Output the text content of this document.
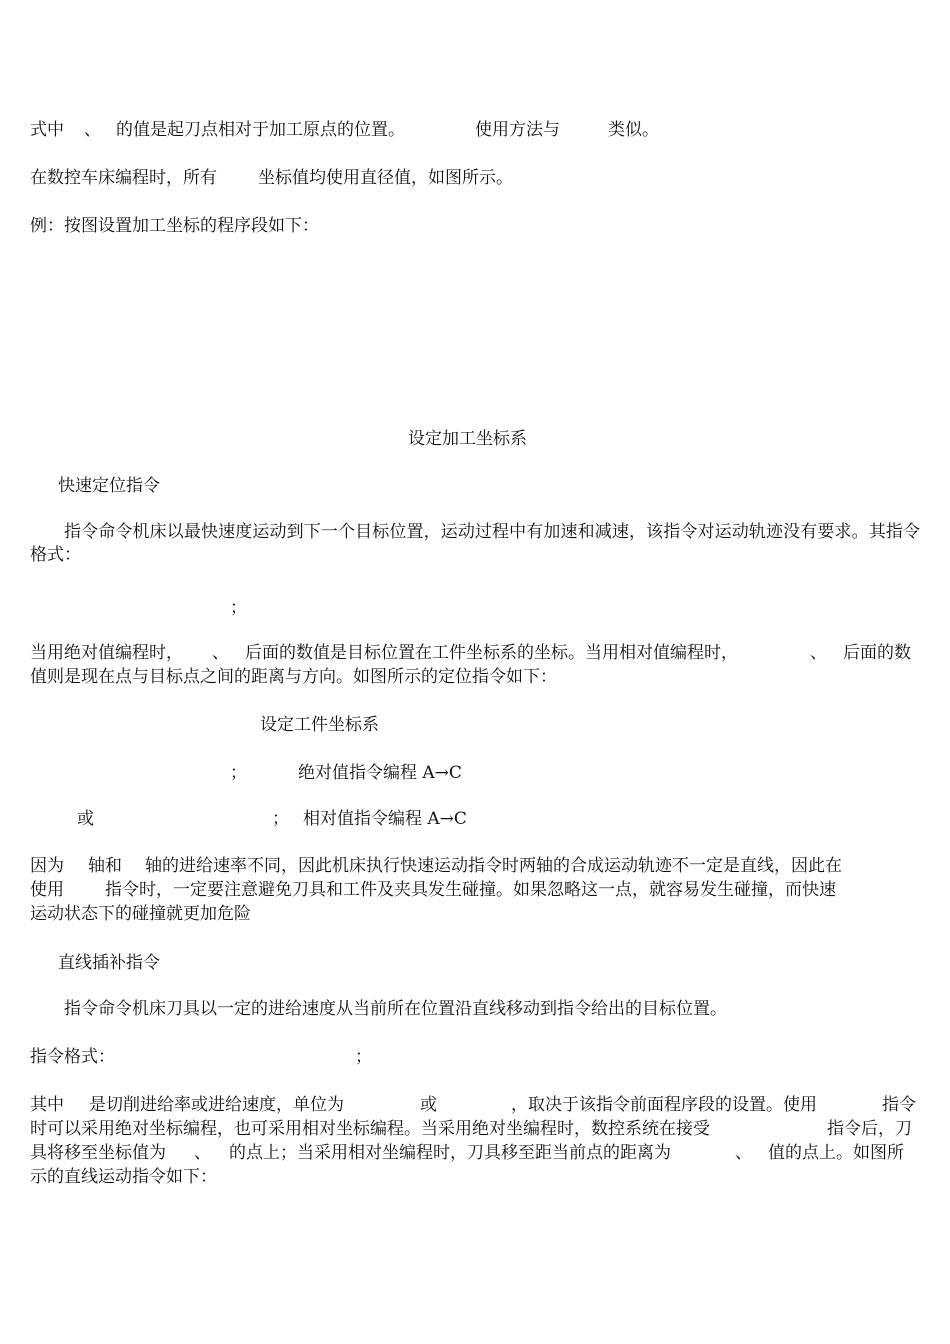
式中 、 的值是起刀点相对于加工原点的位置。	使用方法与	类似。
在数控车床编程时，所有 坐标值均使用直径值，如图所示。
例：按图设置加工坐标的程序段如下：
设定加工坐标系
快速定位指令
指令命令机床以最快速度运动到下一个目标位置，运动过程中有加速和减速，该指令对运动轨迹没有要求。其指令格式：
；
当用绝对值编程时， 、 后面的数值是目标位置在工件坐标系的坐标。当用相对值编程时，	、 后面的数
值则是现在点与目标点之间的距离与方向。如图所示的定位指令如下：
设定工件坐标系
；	绝对值指令编程 A→C
或	； 相对值指令编程 A→C
因为 轴和 轴的进给速率不同，因此机床执行快速运动指令时两轴的合成运动轨迹不一定是直线，因此在
使用 指令时，一定要注意避免刀具和工件及夹具发生碰撞。如果忽略这一点，就容易发生碰撞，而快速
运动状态下的碰撞就更加危险
直线插补指令
指令命令机床刀具以一定的进给速度从当前所在位置沿直线移动到指令给出的目标位置。
指令格式：	；
其中 是切削进给率或进给速度，单位为	或	，取决于该指令前面程序段的设置。使用	指令
时可以采用绝对坐标编程，也可采用相对坐标编程。当采用绝对坐编程时，数控系统在接受	指令后，刀
具将移至坐标值为 、 的点上；当采用相对坐编程时，刀具移至距当前点的距离为	、 值的点上。如图所
示的直线运动指令如下：
